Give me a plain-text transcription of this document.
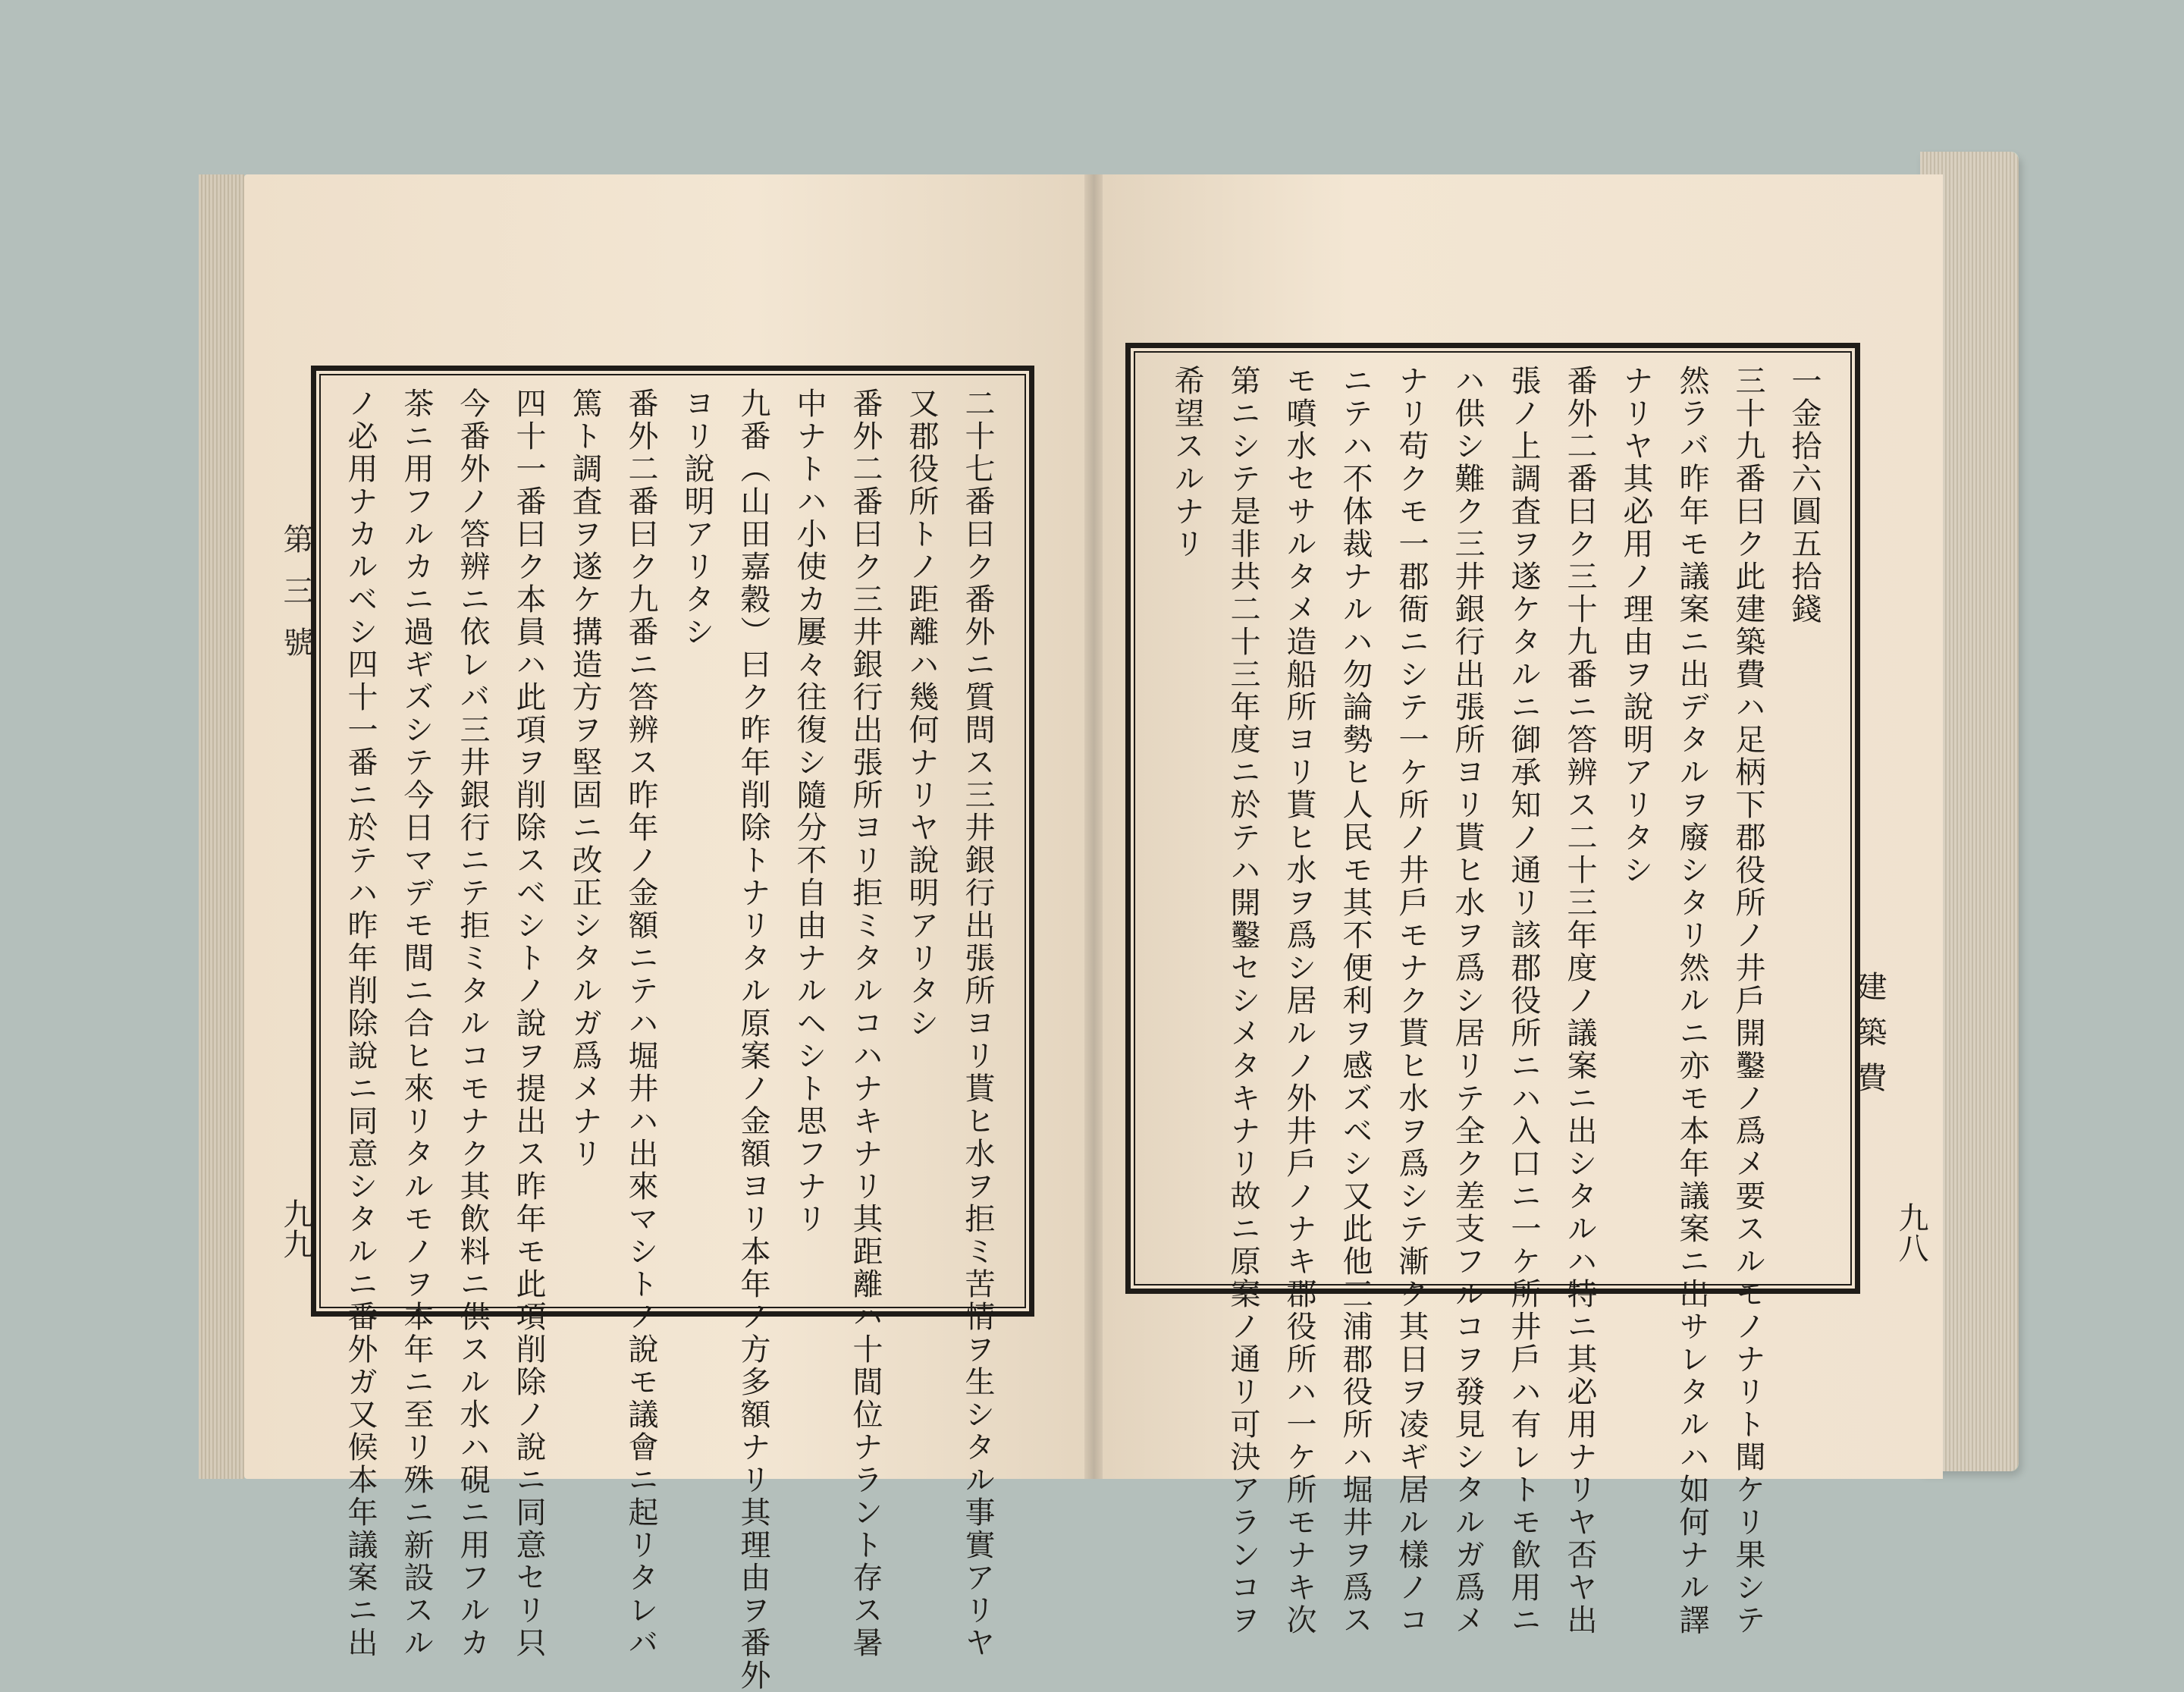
第三號
九九	九八
二十七番曰ク番外ニ質問ス三井銀行出張所ヨリ貰ヒ水ヲ拒ミ苦情ヲ生シタル事實アリヤ
又郡役所トノ距離ハ幾何ナリヤ說明アリタシ
番外二番曰ク三井銀行出張所ヨリ拒ミタルコハナキナリ其距離ハ十間位ナラント存ス暑
中ナトハ小使カ屢々往復シ隨分不自由ナルヘシト思フナリ
九番（山田嘉穀）曰ク昨年削除トナリタル原案ノ金額ヨリ本年ノ方多額ナリ其理由ヲ番外
ヨリ說明アリタシ
番外二番曰ク九番ニ答辨ス昨年ノ金額ニテハ堀井ハ出來マシトノ說モ議會ニ起リタレバ
篤ト調査ヲ遂ケ搆造方ヲ堅固ニ改正シタルガ爲メナリ
四十一番曰ク本員ハ此項ヲ削除スベシトノ說ヲ提出ス昨年モ此項削除ノ說ニ同意セリ只
今番外ノ答辨ニ依レバ三井銀行ニテ拒ミタルコモナク其飲料ニ供スル水ハ硯ニ用フルカ
茶ニ用フルカニ過ギズシテ今日マデモ間ニ合ヒ來リタルモノヲ本年ニ至リ殊ニ新設スル
ノ必用ナカルベシ四十一番ニ於テハ昨年削除說ニ同意シタルニ番外ガ又候本年議案ニ出	一金拾六圓五拾錢
三十九番曰ク此建築費ハ足柄下郡役所ノ井戶開鑿ノ爲メ要スルモノナリト聞ケリ果シテ
然ラバ昨年モ議案ニ出デタルヲ廢シタリ然ルニ亦モ本年議案ニ出サレタルハ如何ナル譯
ナリヤ其必用ノ理由ヲ說明アリタシ
番外二番曰ク三十九番ニ答辨ス二十三年度ノ議案ニ出シタルハ特ニ其必用ナリヤ否ヤ出
張ノ上調査ヲ遂ケタルニ御承知ノ通リ該郡役所ニハ入口ニ一ケ所井戶ハ有レトモ飮用ニ
ハ供シ難ク三井銀行出張所ヨリ貰ヒ水ヲ爲シ居リテ全ク差支フルコヲ發見シタルガ爲メ
ナリ苟クモ一郡衙ニシテ一ケ所ノ井戶モナク貰ヒ水ヲ爲シテ漸ク其日ヲ凌ギ居ル樣ノコ
ニテハ不体裁ナルハ勿論勢ヒ人民モ其不便利ヲ感ズベシ又此他三浦郡役所ハ堀井ヲ爲ス
モ噴水セサルタメ造船所ヨリ貰ヒ水ヲ爲シ居ルノ外井戶ノナキ郡役所ハ一ケ所モナキ次
第ニシテ是非共二十三年度ニ於テハ開鑿セシメタキナリ故ニ原案ノ通リ可決アランコヲ
希望スルナリ
建築費
